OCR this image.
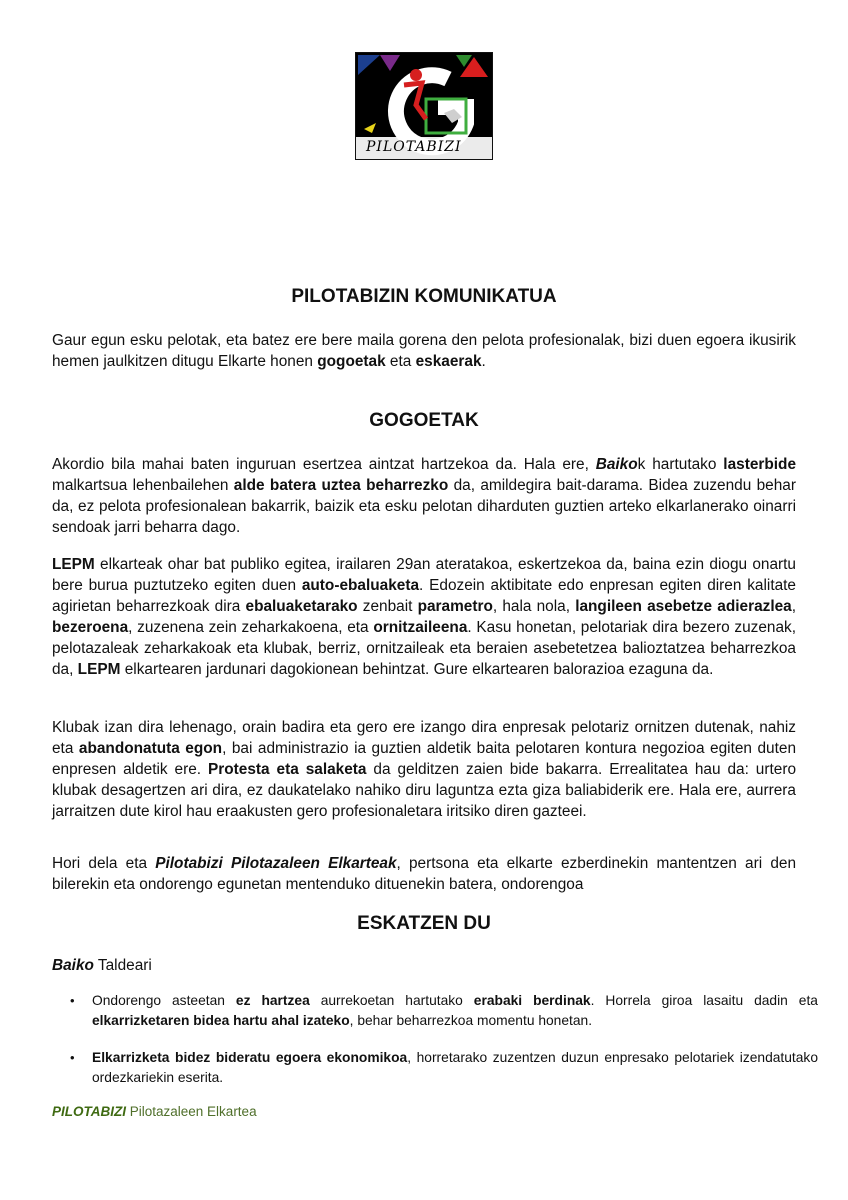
PILOTABIZI
PILOTABIZIN KOMUNIKATUA

Gaur egun esku pelotak, eta batez ere bere maila gorena den pelota profesionalak, bizi duen egoera ikusirik hemen jaulkitzen ditugu Elkarte honen gogoetak eta eskaerak.

GOGOETAK

Akordio bila mahai baten inguruan esertzea aintzat hartzekoa da. Hala ere, Baikok hartutako lasterbide malkartsua lehenbailehen alde batera uztea beharrezko da, amildegira bait-darama. Bidea zuzendu behar da, ez pelota profesionalean bakarrik, baizik eta esku pelotan diharduten guztien arteko elkarlanerako oinarri sendoak jarri beharra dago.

LEPM elkarteak ohar bat publiko egitea, irailaren 29an ateratakoa, eskertzekoa da, baina ezin diogu onartu bere burua puztutzeko egiten duen auto-ebaluaketa. Edozein aktibitate edo enpresan egiten diren kalitate agirietan beharrezkoak dira ebaluaketarako zenbait parametro, hala nola, langileen asebetze adierazlea, bezeroena, zuzenena zein zeharkakoena, eta ornitzaileena. Kasu honetan, pelotariak dira bezero zuzenak, pelotazaleak zeharkakoak eta klubak, berriz, ornitzaileak eta beraien asebetetzea balioztatzea beharrezkoa da, LEPM elkartearen jardunari dagokionean behintzat. Gure elkartearen balorazioa ezaguna da.

Klubak izan dira lehenago, orain badira eta gero ere izango dira enpresak pelotariz ornitzen dutenak, nahiz eta abandonatuta egon, bai administrazio ia guztien aldetik baita pelotaren kontura negozioa egiten duten enpresen aldetik ere. Protesta eta salaketa da gelditzen zaien bide bakarra. Errealitatea hau da: urtero klubak desagertzen ari dira, ez daukatelako nahiko diru laguntza ezta giza baliabiderik ere. Hala ere, aurrera jarraitzen dute kirol hau eraakusten gero profesionaletara iritsiko diren gazteei.

Hori dela eta Pilotabizi Pilotazaleen Elkarteak, pertsona eta elkarte ezberdinekin mantentzen ari den bilerekin eta ondorengo egunetan mentenduko dituenekin batera, ondorengoa

ESKATZEN DU

Baiko Taldeari

• Ondorengo asteetan ez hartzea aurrekoetan hartutako erabaki berdinak. Horrela giroa lasaitu dadin eta elkarrizketaren bidea hartu ahal izateko, behar beharrezkoa momentu honetan.
• Elkarrizketa bidez bideratu egoera ekonomikoa, horretarako zuzentzen duzun enpresako pelotariek izendatutako ordezkariekin eserita.
PILOTABIZI Pilotazaleen Elkartea
